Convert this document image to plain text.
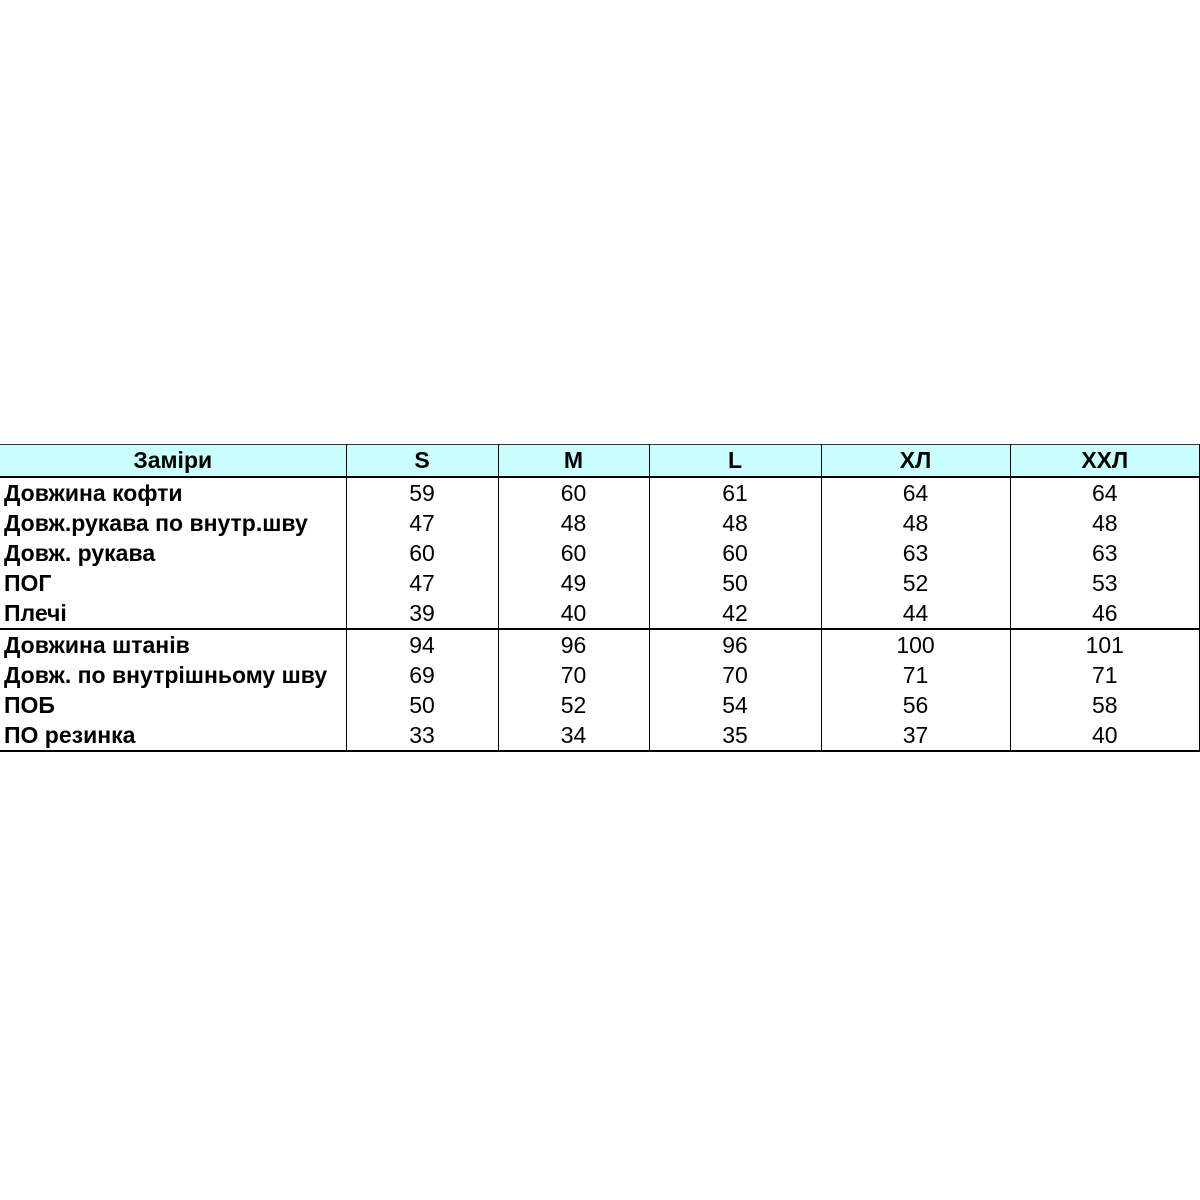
Заміри	S	M	L	ХЛ	ХХЛ
Довжина кофти	59	60	61	64	64
Довж.рукава по внутр.шву	47	48	48	48	48
Довж. рукава	60	60	60	63	63
ПОГ	47	49	50	52	53
Плечі	39	40	42	44	46
Довжина штанів	94	96	96	100	101
Довж. по внутрішньому шву	69	70	70	71	71
ПОБ	50	52	54	56	58
ПО резинка	33	34	35	37	40
